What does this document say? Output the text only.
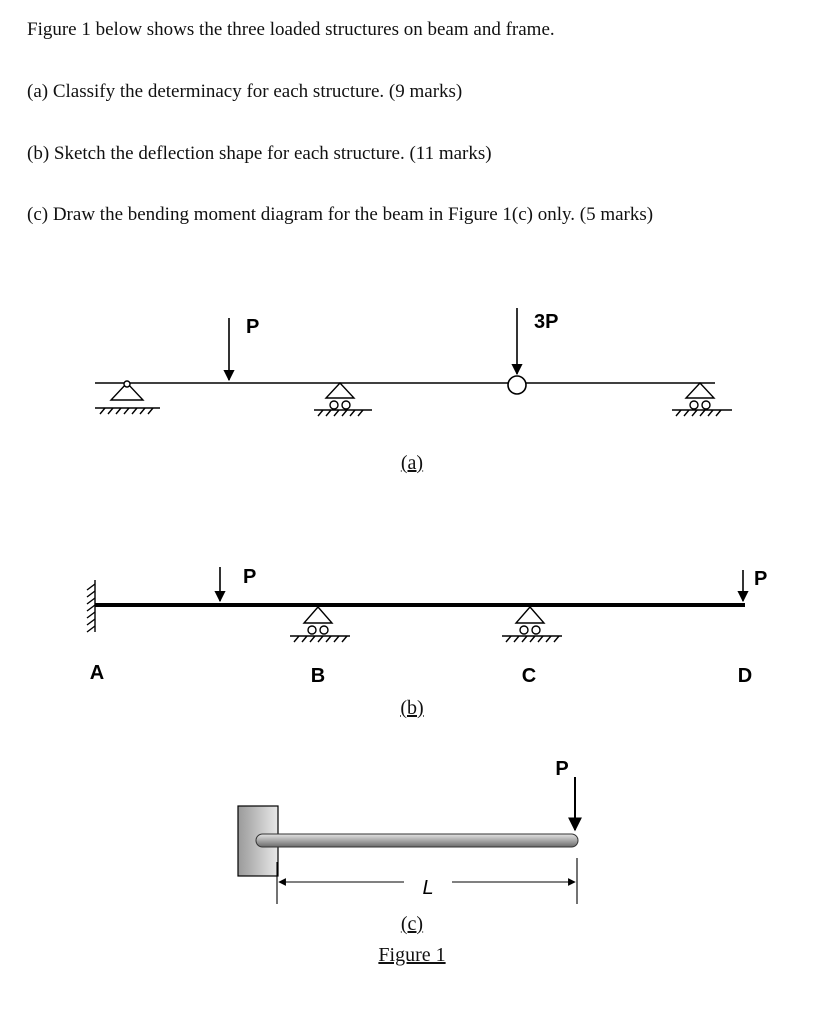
Figure 1 below shows the three loaded structures on beam and frame.

(a) Classify the determinacy for each structure. (9 marks)

(b) Sketch the deflection shape for each structure. (11 marks)

(c) Draw the bending moment diagram for the beam in Figure 1(c) only. (5 marks)

P	3P
(a)
P	P
A	B	C	D
(b)
P
L
(c)
Figure 1
